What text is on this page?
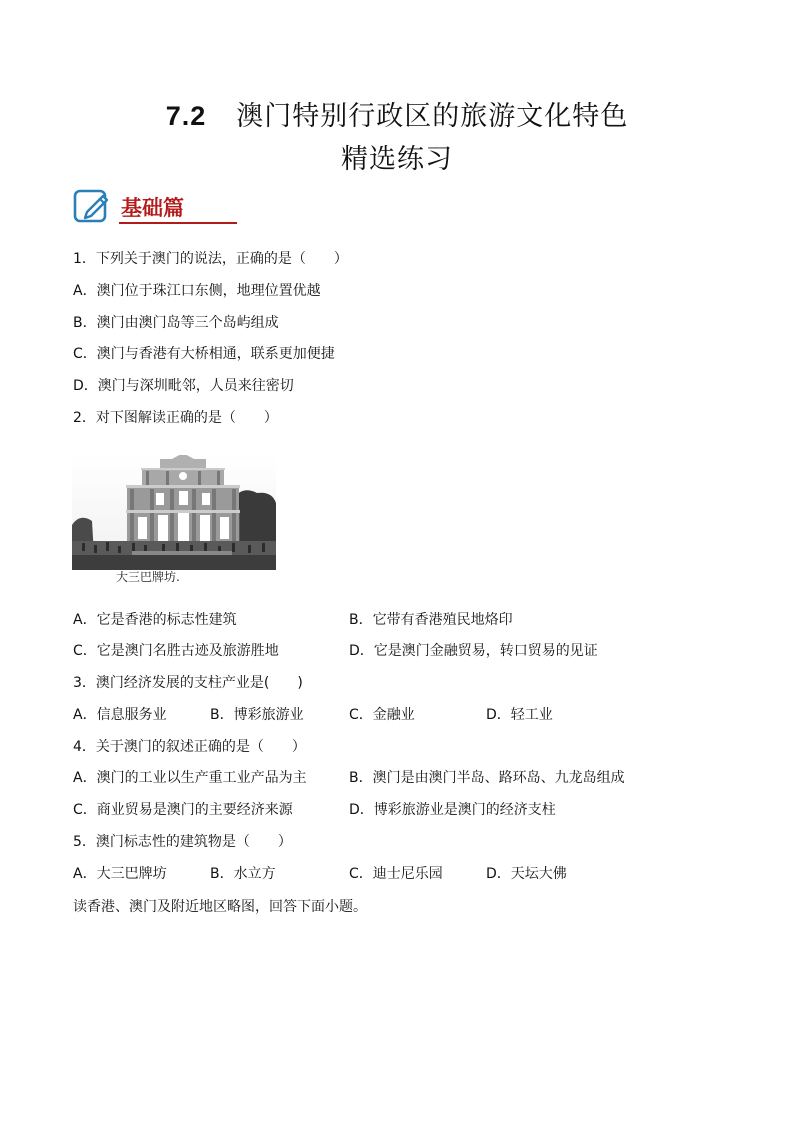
7.2 澳门特别行政区的旅游文化特色
精选练习
基础篇
1．下列关于澳门的说法，正确的是（　　）
A．澳门位于珠江口东侧，地理位置优越
B．澳门由澳门岛等三个岛屿组成
C．澳门与香港有大桥相通，联系更加便捷
D．澳门与深圳毗邻，人员来往密切
2．对下图解读正确的是（　　）
大三巴牌坊.
A．它是香港的标志性建筑	B．它带有香港殖民地烙印
C．它是澳门名胜古迹及旅游胜地	D．它是澳门金融贸易，转口贸易的见证
3．澳门经济发展的支柱产业是(　　)
A．信息服务业	B．博彩旅游业	C．金融业	D．轻工业
4．关于澳门的叙述正确的是（　　）
A．澳门的工业以生产重工业产品为主	B．澳门是由澳门半岛、路环岛、九龙岛组成
C．商业贸易是澳门的主要经济来源	D．博彩旅游业是澳门的经济支柱
5．澳门标志性的建筑物是（　　）
A．大三巴牌坊	B．水立方	C．迪士尼乐园	D．天坛大佛
读香港、澳门及附近地区略图，回答下面小题。
